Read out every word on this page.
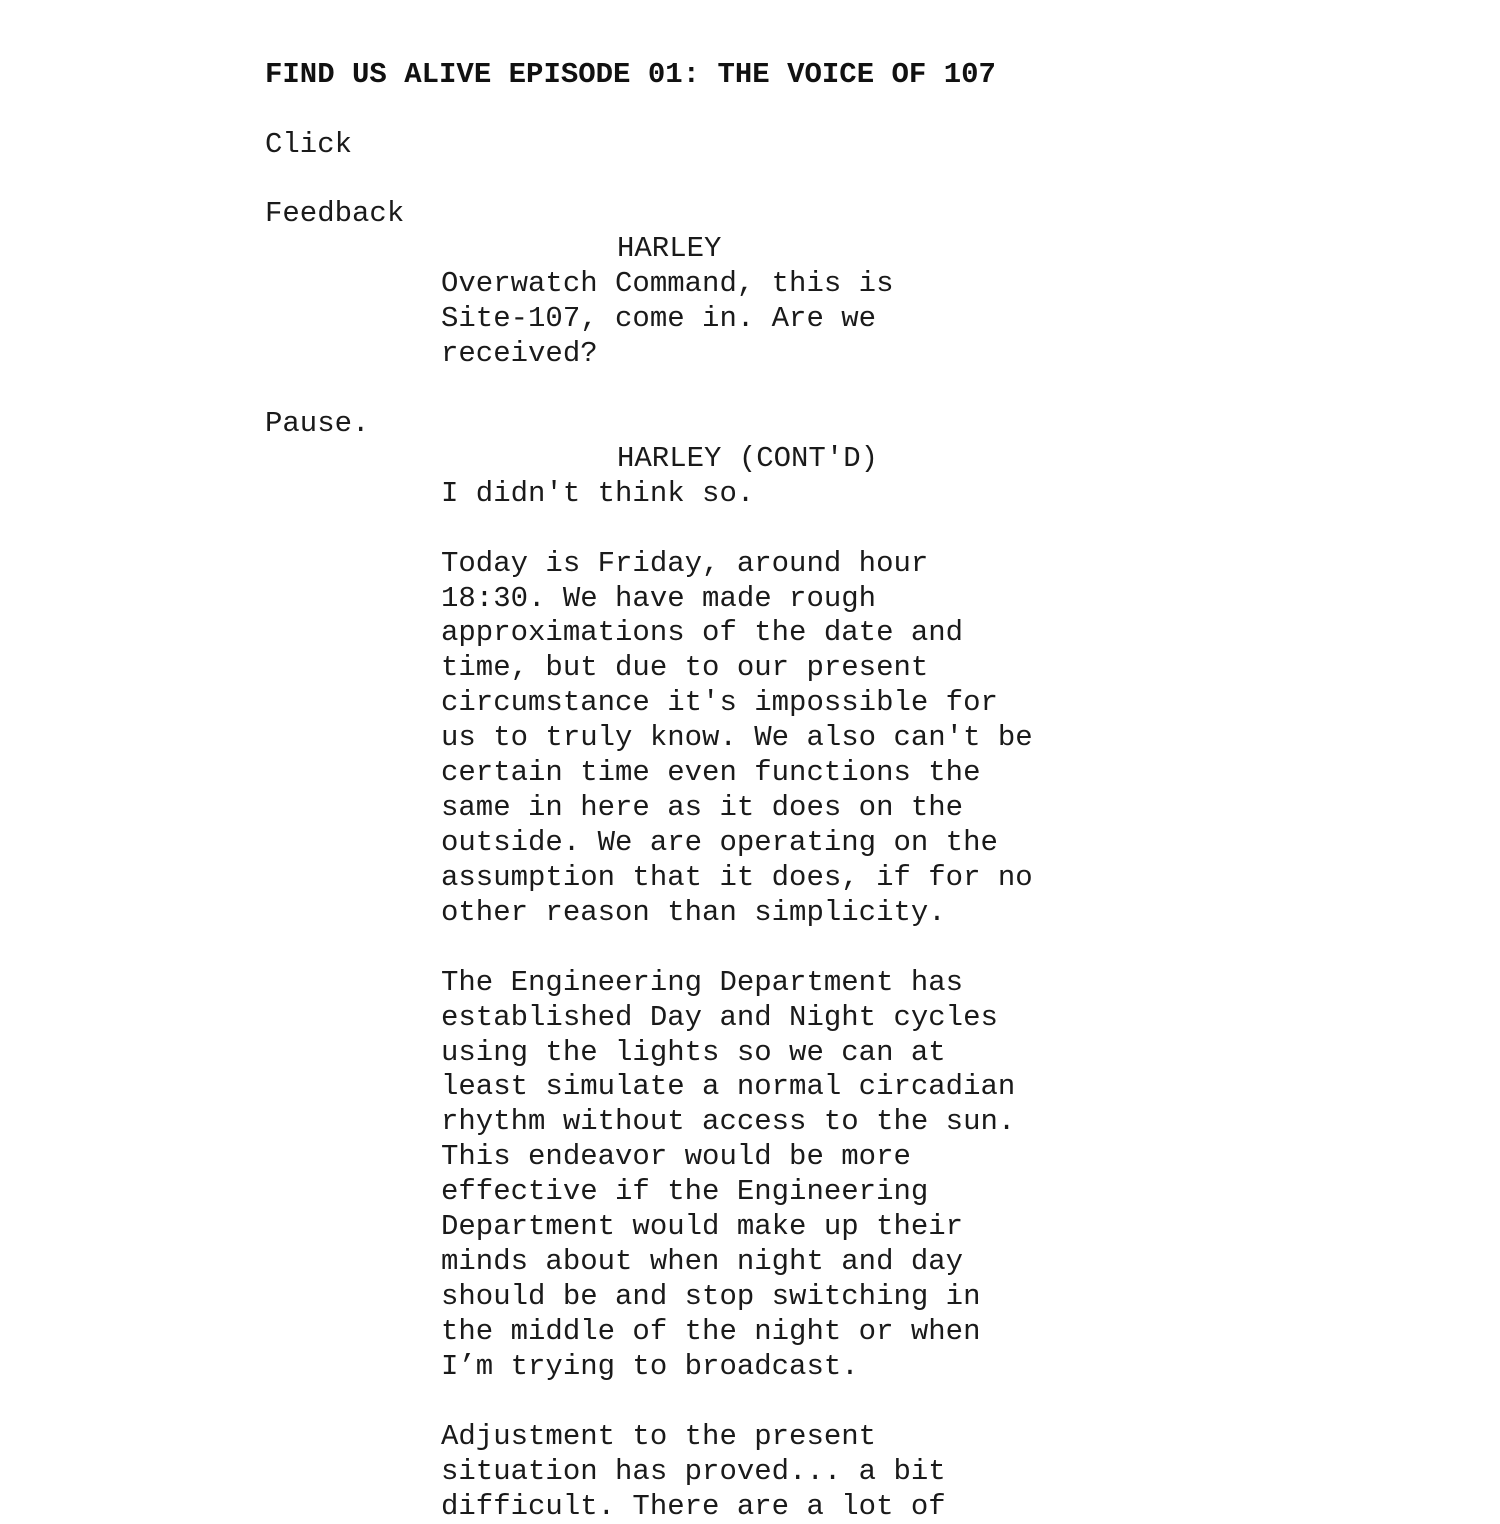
FIND US ALIVE EPISODE 01: THE VOICE OF 107
Click
Feedback
HARLEY
Overwatch Command, this is
Site-107, come in. Are we
received?
Pause.
HARLEY (CONT'D)
I didn't think so.
Today is Friday, around hour
18:30. We have made rough
approximations of the date and
time, but due to our present
circumstance it's impossible for
us to truly know. We also can't be
certain time even functions the
same in here as it does on the
outside. We are operating on the
assumption that it does, if for no
other reason than simplicity.
The Engineering Department has
established Day and Night cycles
using the lights so we can at
least simulate a normal circadian
rhythm without access to the sun.
This endeavor would be more
effective if the Engineering
Department would make up their
minds about when night and day
should be and stop switching in
the middle of the night or when
I’m trying to broadcast.
Adjustment to the present
situation has proved... a bit
difficult. There are a lot of
